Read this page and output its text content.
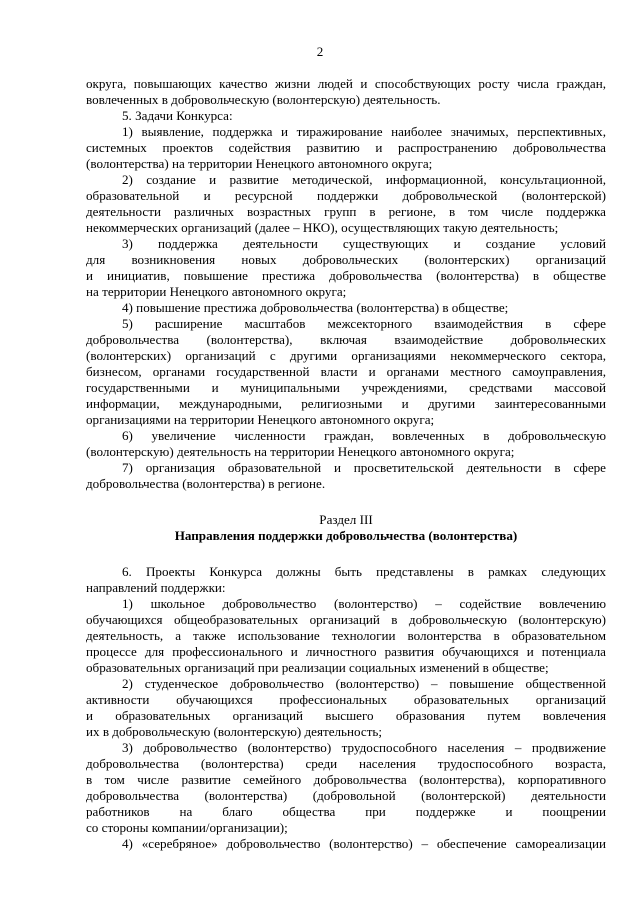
2

округа, повышающих качество жизни людей и способствующих росту числа граждан,

вовлеченных в добровольческую (волонтерскую) деятельность.

5. Задачи Конкурса:

1) выявление, поддержка и тиражирование наиболее значимых, перспективных,

системных проектов содействия развитию и распространению добровольчества

(волонтерства) на территории Ненецкого автономного округа;

2) создание и развитие методической, информационной, консультационной,

образовательной и ресурсной поддержки добровольческой (волонтерской)

деятельности различных возрастных групп в регионе, в том числе поддержка

некоммерческих организаций (далее – НКО), осуществляющих такую деятельность;

3) поддержка деятельности существующих и создание условий

для возникновения новых добровольческих (волонтерских) организаций

и инициатив, повышение престижа добровольчества (волонтерства) в обществе

на территории Ненецкого автономного округа;

4) повышение престижа добровольчества (волонтерства) в обществе;

5) расширение масштабов межсекторного взаимодействия в сфере

добровольчества (волонтерства), включая взаимодействие добровольческих

(волонтерских) организаций с другими организациями некоммерческого сектора,

бизнесом, органами государственной власти и органами местного самоуправления,

государственными и муниципальными учреждениями, средствами массовой

информации, международными, религиозными и другими заинтересованными

организациями на территории Ненецкого автономного округа;

6) увеличение численности граждан, вовлеченных в добровольческую

(волонтерскую) деятельность на территории Ненецкого автономного округа;

7) организация образовательной и просветительской деятельности в сфере

добровольчества (волонтерства) в регионе.

Раздел III

Направления поддержки добровольчества (волонтерства)

6. Проекты Конкурса должны быть представлены в рамках следующих

направлений поддержки:

1) школьное добровольчество (волонтерство) – содействие вовлечению

обучающихся общеобразовательных организаций в добровольческую (волонтерскую)

деятельность, а также использование технологии волонтерства в образовательном

процессе для профессионального и личностного развития обучающихся и потенциала

образовательных организаций при реализации социальных изменений в обществе;

2) студенческое добровольчество (волонтерство) – повышение общественной

активности обучающихся профессиональных образовательных организаций

и образовательных организаций высшего образования путем вовлечения

их в добровольческую (волонтерскую) деятельность;

3) добровольчество (волонтерство) трудоспособного населения – продвижение

добровольчества (волонтерства) среди населения трудоспособного возраста,

в том числе развитие семейного добровольчества (волонтерства), корпоративного

добровольчества (волонтерства) (добровольной (волонтерской) деятельности

работников на благо общества при поддержке и поощрении

со стороны компании/организации);

4) «серебряное» добровольчество (волонтерство) – обеспечение самореализации
